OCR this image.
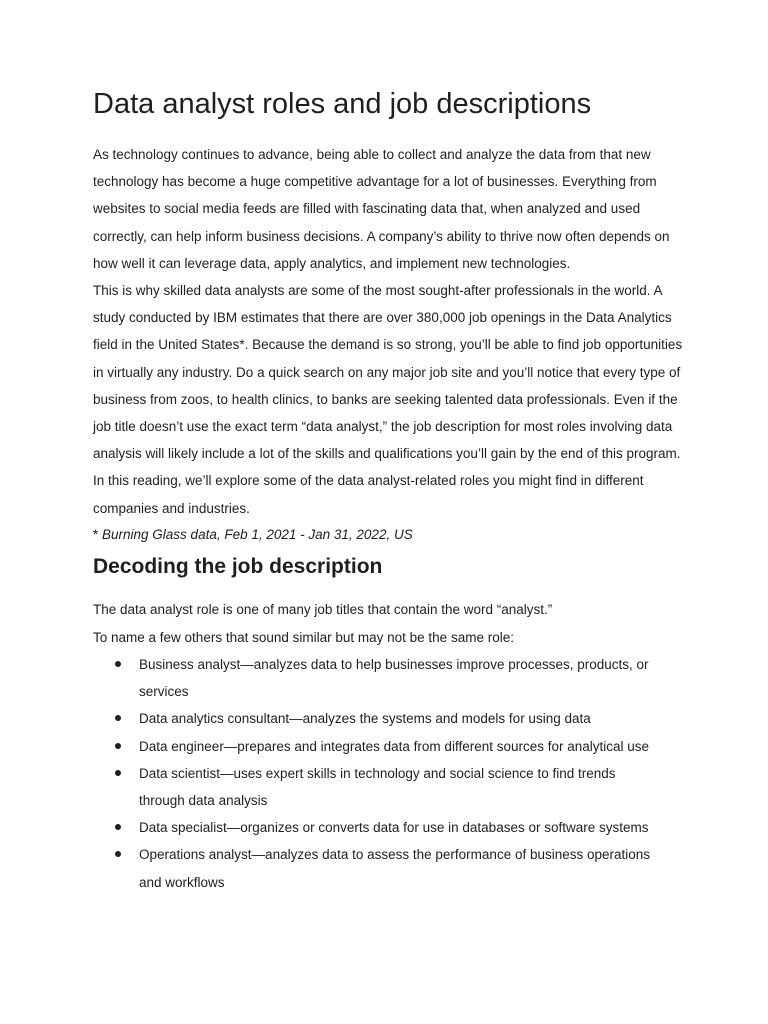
Data analyst roles and job descriptions

As technology continues to advance, being able to collect and analyze the data from that new technology has become a huge competitive advantage for a lot of businesses. Everything from websites to social media feeds are filled with fascinating data that, when analyzed and used correctly, can help inform business decisions. A company’s ability to thrive now often depends on how well it can leverage data, apply analytics, and implement new technologies.

This is why skilled data analysts are some of the most sought-after professionals in the world. A study conducted by IBM estimates that there are over 380,000 job openings in the Data Analytics field in the United States*. Because the demand is so strong, you’ll be able to find job opportunities in virtually any industry. Do a quick search on any major job site and you’ll notice that every type of business from zoos, to health clinics, to banks are seeking talented data professionals. Even if the job title doesn’t use the exact term “data analyst,” the job description for most roles involving data analysis will likely include a lot of the skills and qualifications you’ll gain by the end of this program. In this reading, we’ll explore some of the data analyst-related roles you might find in different companies and industries.

* Burning Glass data, Feb 1, 2021 - Jan 31, 2022, US

Decoding the job description

The data analyst role is one of many job titles that contain the word “analyst.”

To name a few others that sound similar but may not be the same role:

Business analyst—analyzes data to help businesses improve processes, products, or services
Data analytics consultant—analyzes the systems and models for using data
Data engineer—prepares and integrates data from different sources for analytical use
Data scientist—uses expert skills in technology and social science to find trends through data analysis
Data specialist—organizes or converts data for use in databases or software systems
Operations analyst—analyzes data to assess the performance of business operations and workflows
